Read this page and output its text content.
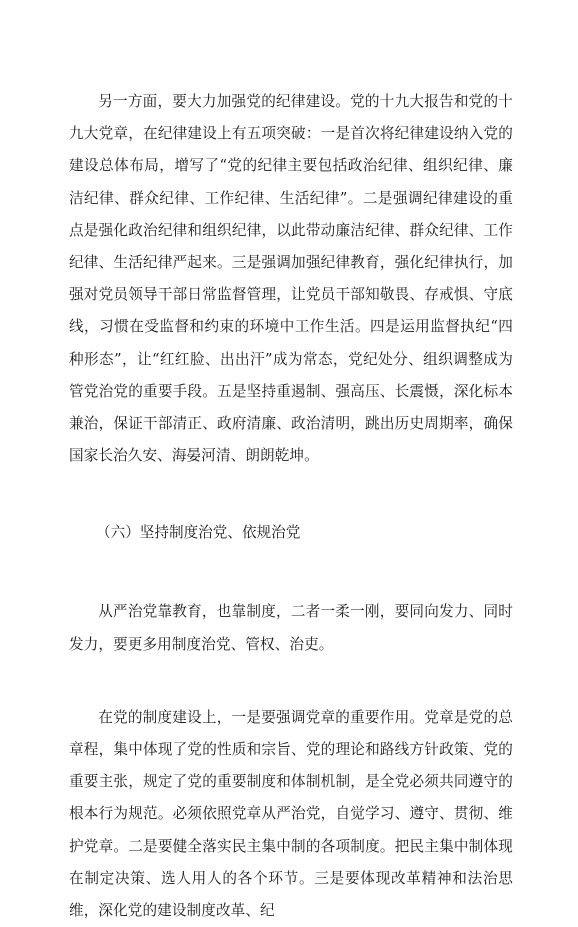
另一方面，要大力加强党的纪律建设。党的十九大报告和党的十九大党章，在纪律建设上有五项突破：一是首次将纪律建设纳入党的建设总体布局，增写了“党的纪律主要包括政治纪律、组织纪律、廉洁纪律、群众纪律、工作纪律、生活纪律”。二是强调纪律建设的重点是强化政治纪律和组织纪律，以此带动廉洁纪律、群众纪律、工作纪律、生活纪律严起来。三是强调加强纪律教育，强化纪律执行，加强对党员领导干部日常监督管理，让党员干部知敬畏、存戒惧、守底线，习惯在受监督和约束的环境中工作生活。四是运用监督执纪“四种形态”，让“红红脸、出出汗”成为常态，党纪处分、组织调整成为管党治党的重要手段。五是坚持重遏制、强高压、长震慑，深化标本兼治，保证干部清正、政府清廉、政治清明，跳出历史周期率，确保国家长治久安、海晏河清、朗朗乾坤。

（六）坚持制度治党、依规治党

从严治党靠教育，也靠制度，二者一柔一刚，要同向发力、同时发力，要更多用制度治党、管权、治吏。

在党的制度建设上，一是要强调党章的重要作用。党章是党的总章程，集中体现了党的性质和宗旨、党的理论和路线方针政策、党的重要主张，规定了党的重要制度和体制机制，是全党必须共同遵守的根本行为规范。必须依照党章从严治党，自觉学习、遵守、贯彻、维护党章。二是要健全落实民主集中制的各项制度。把民主集中制体现在制定决策、选人用人的各个环节。三是要体现改革精神和法治思维，深化党的建设制度改革、纪
